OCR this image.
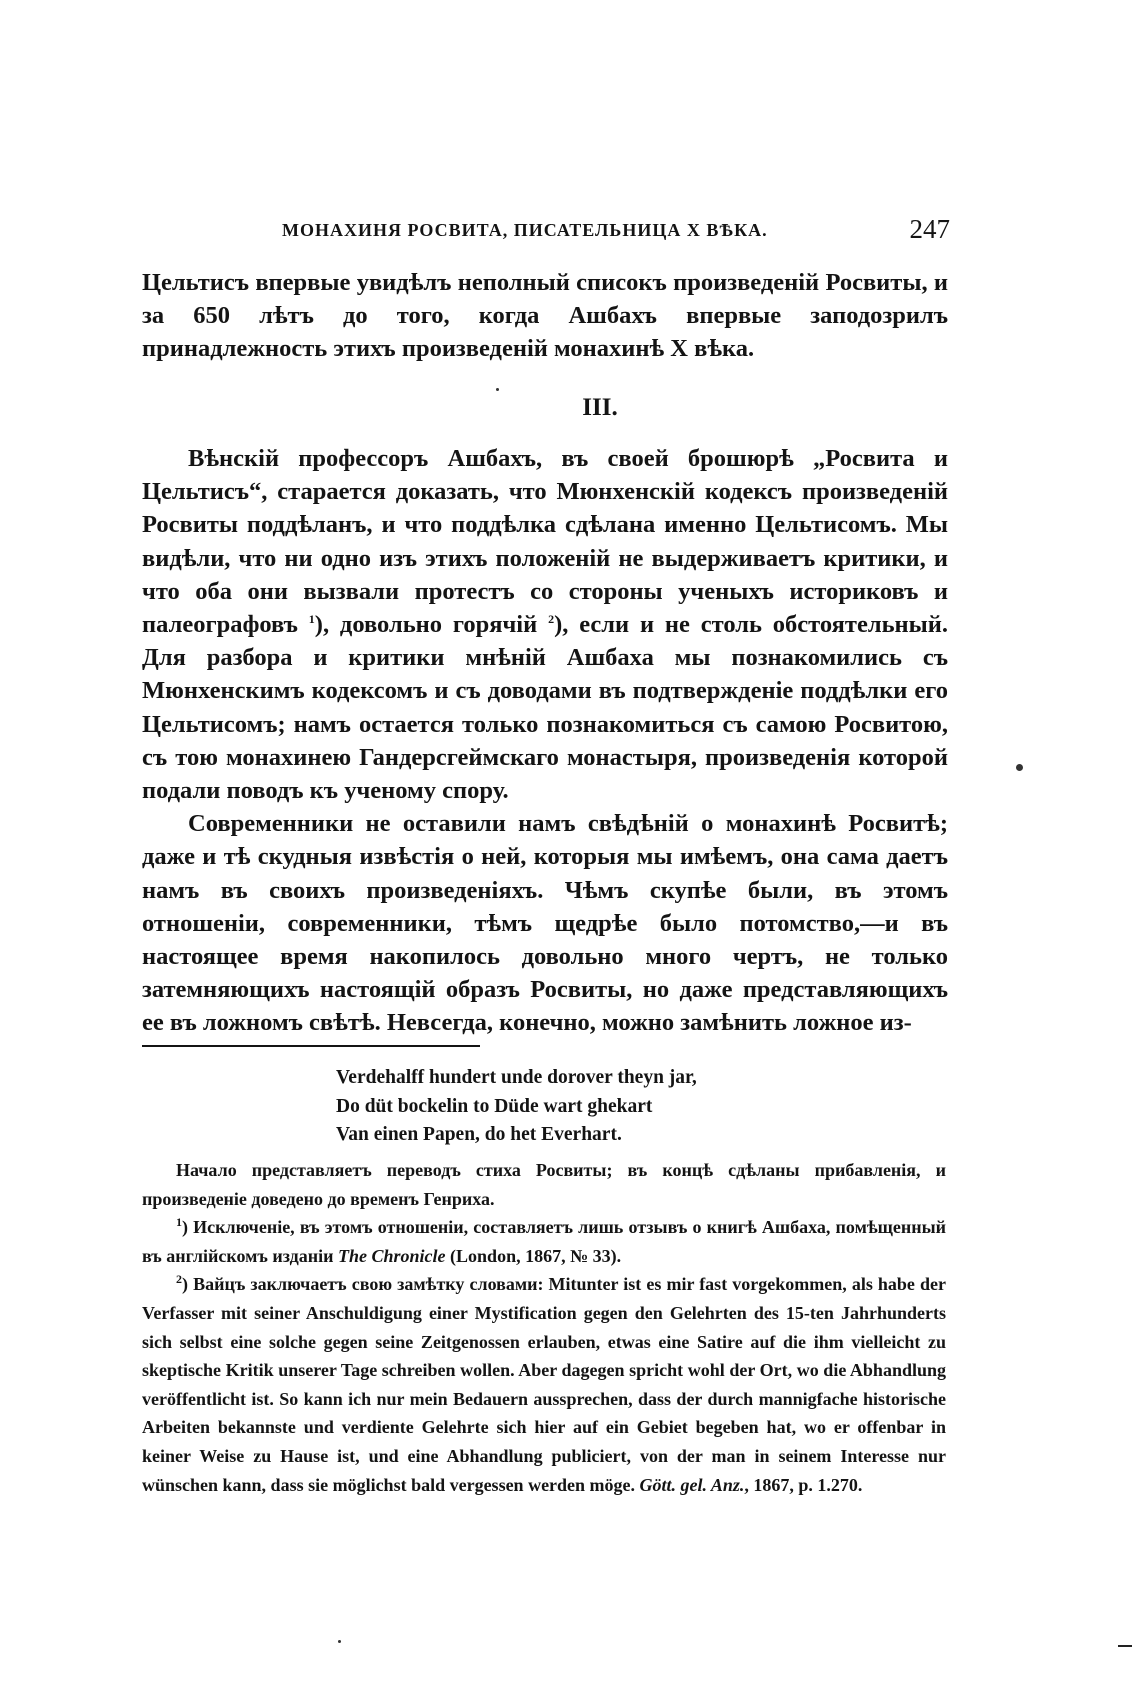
МОНАХИНЯ РОСВИТА, ПИСАТЕЛЬНИЦА X ВѢКА.	247

Цельтисъ впервые увидѣлъ неполный списокъ произведеній Росвиты, и за 650 лѣтъ до того, когда Ашбахъ впервые заподозрилъ принадлежность этихъ произведеній монахинѣ X вѣка.

III.

Вѣнскій профессоръ Ашбахъ, въ своей брошюрѣ „Росвита и Цельтисъ“, старается доказать, что Мюнхенскій кодексъ произведеній Росвиты поддѣланъ, и что поддѣлка сдѣлана именно Цельтисомъ. Мы видѣли, что ни одно изъ этихъ положеній не выдерживаетъ критики, и что оба они вызвали протестъ со стороны ученыхъ историковъ и палеографовъ $^1$), довольно горячій $^2$), если и не столь обстоятельный. Для разбора и критики мнѣній Ашбаха мы познакомились съ Мюнхенскимъ кодексомъ и съ доводами въ подтвержденіе поддѣлки его Цельтисомъ; намъ остается только познакомиться съ самою Росвитою, съ тою монахинею Гандерсгеймскаго монастыря, произведенія которой подали поводъ къ ученому спору.

Современники не оставили намъ свѣдѣній о монахинѣ Росвитѣ; даже и тѣ скудныя извѣстія о ней, которыя мы имѣемъ, она сама даетъ намъ въ своихъ произведеніяхъ. Чѣмъ скупѣе были, въ этомъ отношеніи, современники, тѣмъ щедрѣе было потомство,—и въ настоящее время накопилось довольно много чертъ, не только затемняющихъ настоящій образъ Росвиты, но даже представляющихъ ее въ ложномъ свѣтѣ. Невсегда, конечно, можно замѣнить ложное из-

Verdehalff hundert unde dorover theyn jar,
Do düt bockelin to Düde wart ghekart
Van einen Papen, do het Everhart.

Начало представляетъ переводъ стиха Росвиты; въ концѣ сдѣланы прибавленія, и произведеніе доведено до временъ Генриха.

$^1$) Исключеніе, въ этомъ отношеніи, составляетъ лишь отзывъ о книгѣ Ашбаха, помѣщенный въ англійскомъ изданіи The Chronicle (London, 1867, № 33).

$^2$) Вайцъ заключаетъ свою замѣтку словами: Mitunter ist es mir fast vorgekommen, als habe der Verfasser mit seiner Anschuldigung einer Mystification gegen den Gelehrten des 15-ten Jahrhunderts sich selbst eine solche gegen seine Zeitgenossen erlauben, etwas eine Satire auf die ihm vielleicht zu skeptische Kritik unserer Tage schreiben wollen. Aber dagegen spricht wohl der Ort, wo die Abhandlung veröffentlicht ist. So kann ich nur mein Bedauern aussprechen, dass der durch mannigfache historische Arbeiten bekannste und verdiente Gelehrte sich hier auf ein Gebiet begeben hat, wo er offenbar in keiner Weise zu Hause ist, und eine Abhandlung publiciert, von der man in seinem Interesse nur wünschen kann, dass sie möglichst bald vergessen werden möge. Gött. gel. Anz., 1867, p. 1.270.
